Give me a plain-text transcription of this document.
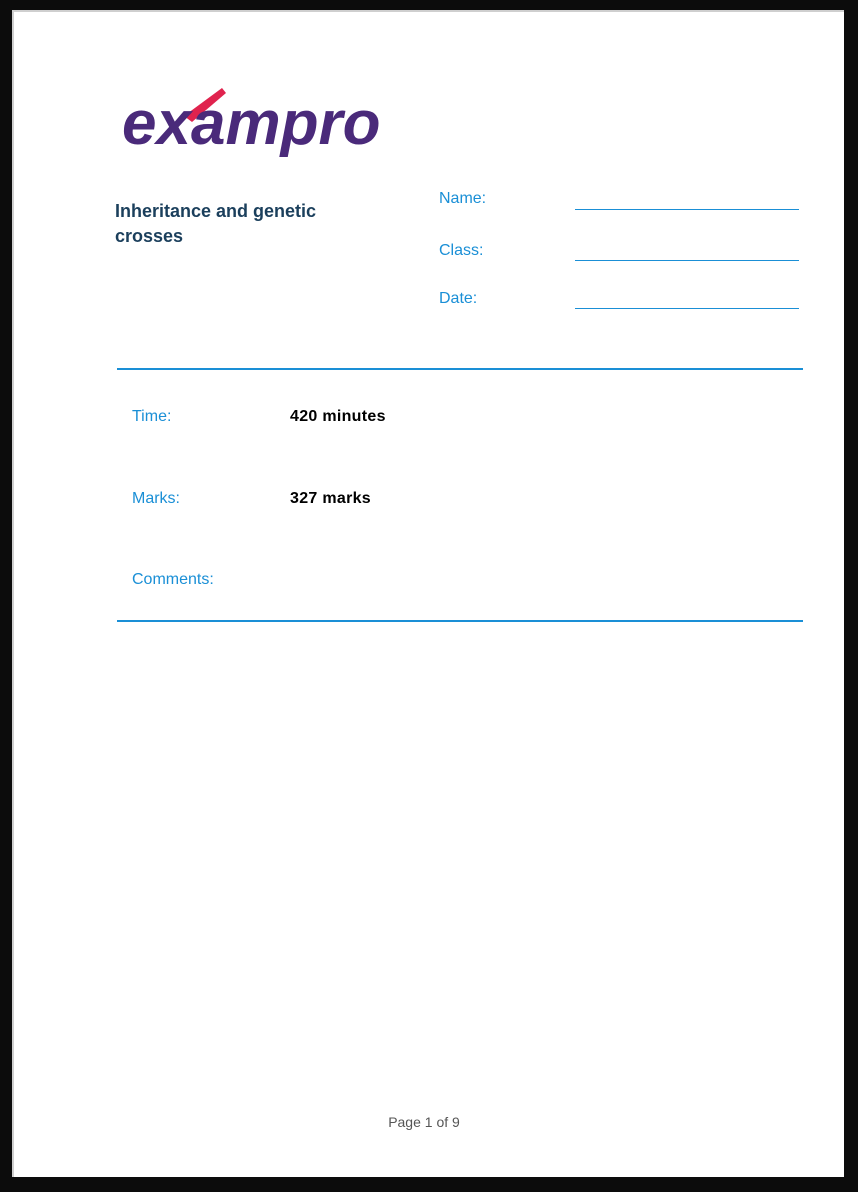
exampro
Inheritance and genetic crosses
Name:
Class:
Date:
Time:	420 minutes
Marks:	327 marks
Comments:
Page 1 of 9
